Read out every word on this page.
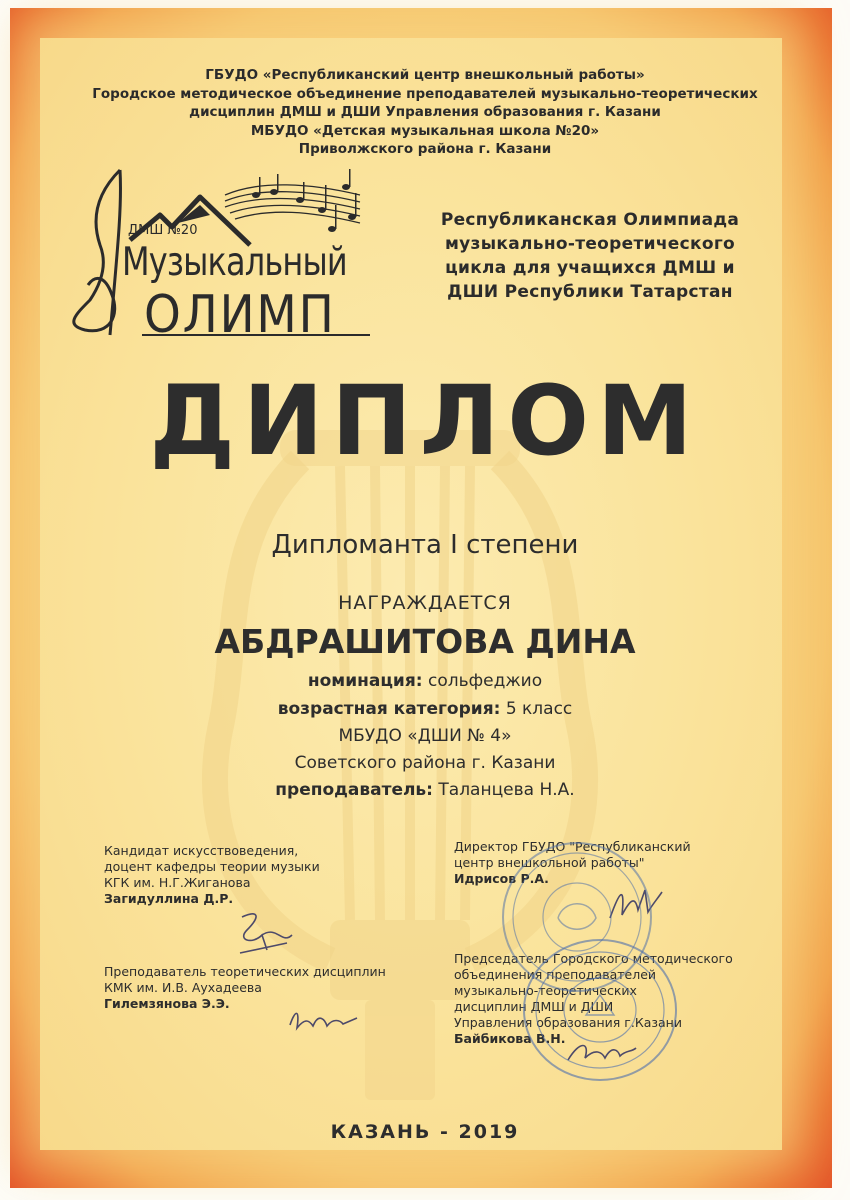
ГБУДО «Республиканский центр внешкольный работы»
Городское методическое объединение преподавателей музыкально-теоретических
дисциплин ДМШ и ДШИ Управления образования г. Казани
МБУДО «Детская музыкальная школа №20»
Приволжского района г. Казани
ДМШ №20
Музыкальный
ОЛИМП
Республиканская Олимпиада
музыкально-теоретического
цикла для учащихся ДМШ и
ДШИ Республики Татарстан
ДИПЛОМ
Дипломанта I степени
НАГРАЖДАЕТСЯ
АБДРАШИТОВА ДИНА
номинация: сольфеджио
возрастная категория: 5 класс
МБУДО «ДШИ № 4»
Советского района г. Казани
преподаватель: Таланцева Н.А.
Кандидат искусствоведения,
доцент кафедры теории музыки
КГК им. Н.Г.Жиганова
Загидуллина Д.Р.
Преподаватель теоретических дисциплин
КМК им. И.В. Аухадеева
Гилемзянова Э.Э.
Директор ГБУДО "Республиканский
центр внешкольной работы"
Идрисов Р.А.
Председатель Городского методического
объединения преподавателей
музыкально-теоретических
дисциплин ДМШ и ДШИ
Управления образования г.Казани
Байбикова В.Н.
КАЗАНЬ - 2019
